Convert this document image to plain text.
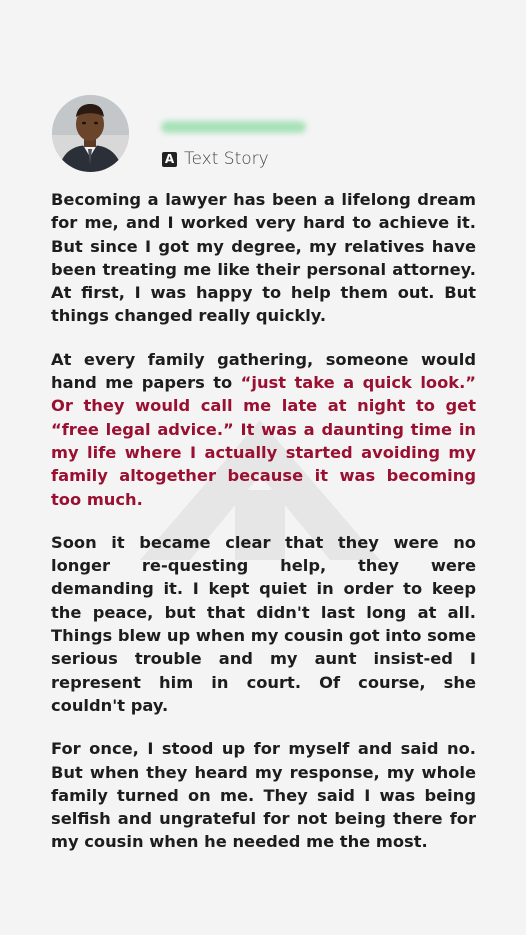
A Text Story

Becoming a lawyer has been a lifelong dream for me, and I worked very hard to achieve it. But since I got my degree, my relatives have been treating me like their personal attorney. At first, I was happy to help them out. But things changed really quickly.

At every family gathering, someone would hand me papers to “just take a quick look.” Or they would call me late at night to get “free legal advice.” It was a daunting time in my life where I actually started avoiding my family altogether because it was becoming too much.

Soon it became clear that they were no longer re-questing help, they were demanding it. I kept quiet in order to keep the peace, but that didn't last long at all. Things blew up when my cousin got into some serious trouble and my aunt insist-ed I represent him in court. Of course, she couldn't pay.

For once, I stood up for myself and said no. But when they heard my response, my whole family turned on me. They said I was being selfish and ungrateful for not being there for my cousin when he needed me the most.
